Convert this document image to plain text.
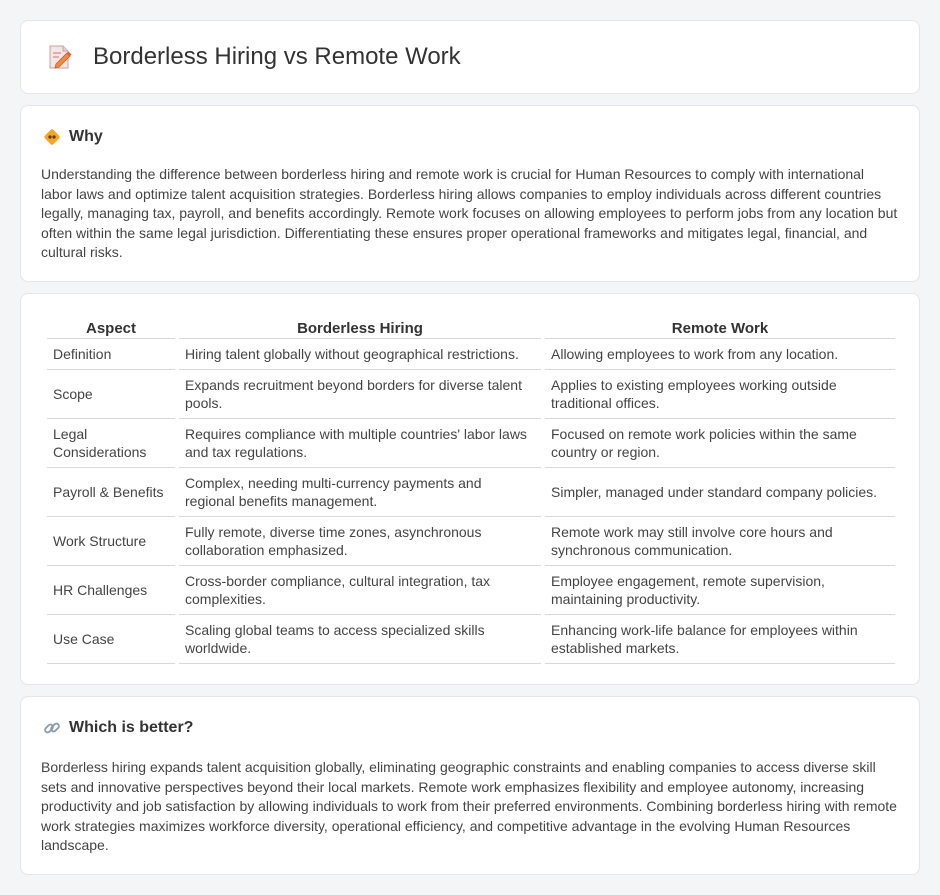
Borderless Hiring vs Remote Work
Why

Understanding the difference between borderless hiring and remote work is crucial for Human Resources to comply with international labor laws and optimize talent acquisition strategies. Borderless hiring allows companies to employ individuals across different countries legally, managing tax, payroll, and benefits accordingly. Remote work focuses on allowing employees to perform jobs from any location but often within the same legal jurisdiction. Differentiating these ensures proper operational frameworks and mitigates legal, financial, and cultural risks.

Aspect	Borderless Hiring	Remote Work
Definition	Hiring talent globally without geographical restrictions.	Allowing employees to work from any location.
Scope	Expands recruitment beyond borders for diverse talent pools.	Applies to existing employees working outside traditional offices.
Legal Considerations	Requires compliance with multiple countries' labor laws and tax regulations.	Focused on remote work policies within the same country or region.
Payroll & Benefits	Complex, needing multi-currency payments and regional benefits management.	Simpler, managed under standard company policies.
Work Structure	Fully remote, diverse time zones, asynchronous collaboration emphasized.	Remote work may still involve core hours and synchronous communication.
HR Challenges	Cross-border compliance, cultural integration, tax complexities.	Employee engagement, remote supervision, maintaining productivity.
Use Case	Scaling global teams to access specialized skills worldwide.	Enhancing work-life balance for employees within established markets.
Which is better?

Borderless hiring expands talent acquisition globally, eliminating geographic constraints and enabling companies to access diverse skill sets and innovative perspectives beyond their local markets. Remote work emphasizes flexibility and employee autonomy, increasing productivity and job satisfaction by allowing individuals to work from their preferred environments. Combining borderless hiring with remote work strategies maximizes workforce diversity, operational efficiency, and competitive advantage in the evolving Human Resources landscape.
